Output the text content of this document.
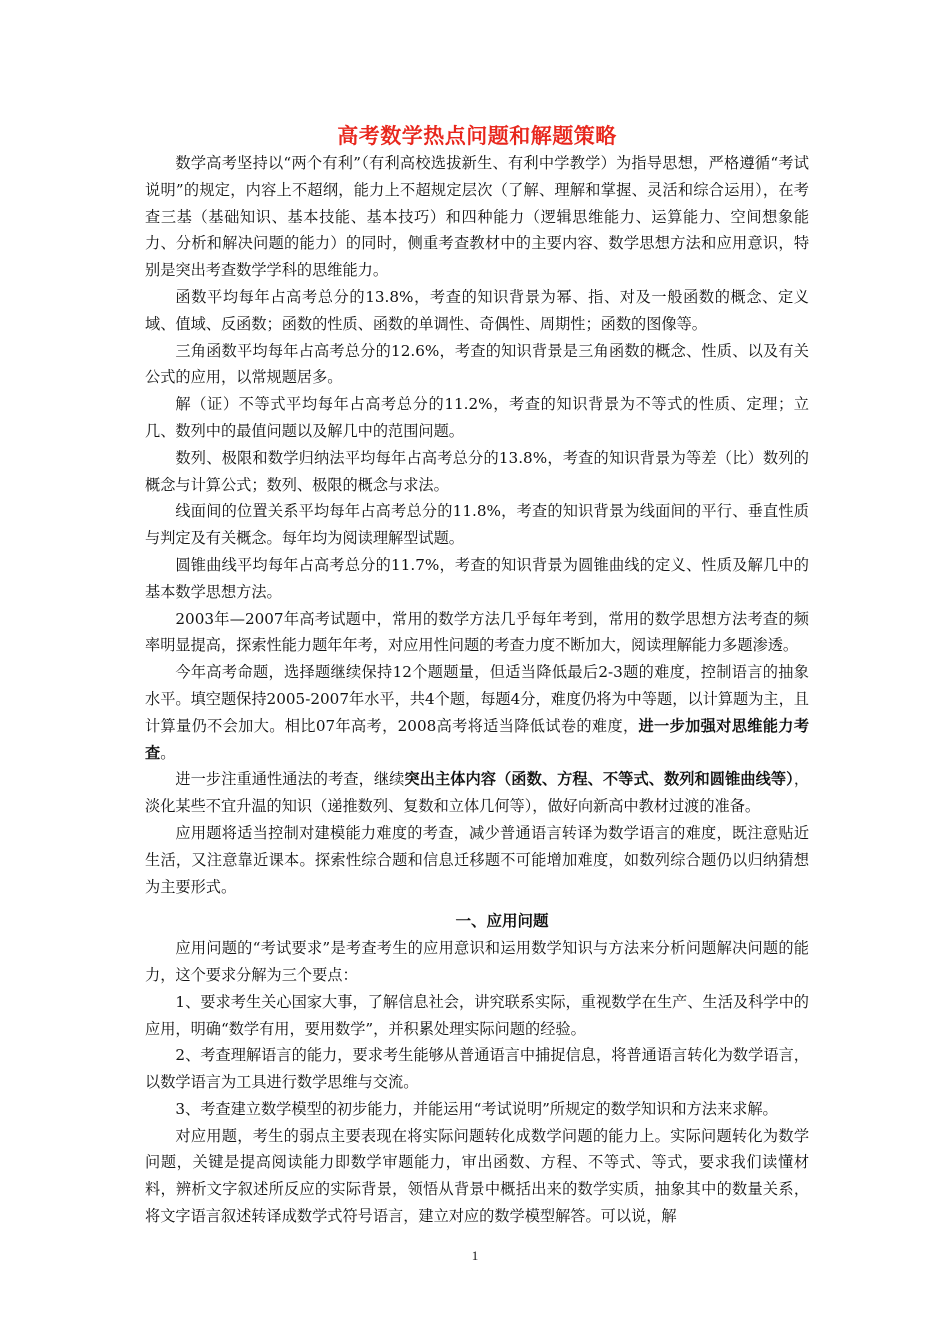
高考数学热点问题和解题策略

数学高考坚持以“两个有利”（有利高校选拔新生、有利中学教学）为指导思想，严格遵循“考试说明”的规定，内容上不超纲，能力上不超规定层次（了解、理解和掌握、灵活和综合运用），在考查三基（基础知识、基本技能、基本技巧）和四种能力（逻辑思维能力、运算能力、空间想象能力、分析和解决问题的能力）的同时，侧重考查教材中的主要内容、数学思想方法和应用意识，特别是突出考查数学学科的思维能力。

函数平均每年占高考总分的13.8%，考查的知识背景为幂、指、对及一般函数的概念、定义域、值域、反函数；函数的性质、函数的单调性、奇偶性、周期性；函数的图像等。

三角函数平均每年占高考总分的12.6%，考查的知识背景是三角函数的概念、性质、以及有关公式的应用，以常规题居多。

解（证）不等式平均每年占高考总分的11.2%，考查的知识背景为不等式的性质、定理；立几、数列中的最值问题以及解几中的范围问题。

数列、极限和数学归纳法平均每年占高考总分的13.8%，考查的知识背景为等差（比）数列的概念与计算公式；数列、极限的概念与求法。

线面间的位置关系平均每年占高考总分的11.8%，考查的知识背景为线面间的平行、垂直性质与判定及有关概念。每年均为阅读理解型试题。

圆锥曲线平均每年占高考总分的11.7%，考查的知识背景为圆锥曲线的定义、性质及解几中的基本数学思想方法。

2003年—2007年高考试题中，常用的数学方法几乎每年考到，常用的数学思想方法考查的频率明显提高，探索性能力题年年考，对应用性问题的考查力度不断加大，阅读理解能力多题渗透。

今年高考命题，选择题继续保持12个题题量，但适当降低最后2-3题的难度，控制语言的抽象水平。填空题保持2005-2007年水平，共4个题，每题4分，难度仍将为中等题，以计算题为主，且计算量仍不会加大。相比07年高考，2008高考将适当降低试卷的难度，进一步加强对思维能力考查。

进一步注重通性通法的考查，继续突出主体内容（函数、方程、不等式、数列和圆锥曲线等），淡化某些不宜升温的知识（递推数列、复数和立体几何等），做好向新高中教材过渡的准备。

应用题将适当控制对建模能力难度的考查，减少普通语言转译为数学语言的难度，既注意贴近生活，又注意靠近课本。探索性综合题和信息迁移题不可能增加难度，如数列综合题仍以归纳猜想为主要形式。

一、应用问题

应用问题的“考试要求”是考查考生的应用意识和运用数学知识与方法来分析问题解决问题的能力，这个要求分解为三个要点：

1、要求考生关心国家大事，了解信息社会，讲究联系实际，重视数学在生产、生活及科学中的应用，明确“数学有用，要用数学”，并积累处理实际问题的经验。

2、考查理解语言的能力，要求考生能够从普通语言中捕捉信息，将普通语言转化为数学语言，以数学语言为工具进行数学思维与交流。

3、考查建立数学模型的初步能力，并能运用“考试说明”所规定的数学知识和方法来求解。

对应用题，考生的弱点主要表现在将实际问题转化成数学问题的能力上。实际问题转化为数学问题，关键是提高阅读能力即数学审题能力，审出函数、方程、不等式、等式，要求我们读懂材料，辨析文字叙述所反应的实际背景，领悟从背景中概括出来的数学实质，抽象其中的数量关系，将文字语言叙述转译成数学式符号语言，建立对应的数学模型解答。可以说，解

1
